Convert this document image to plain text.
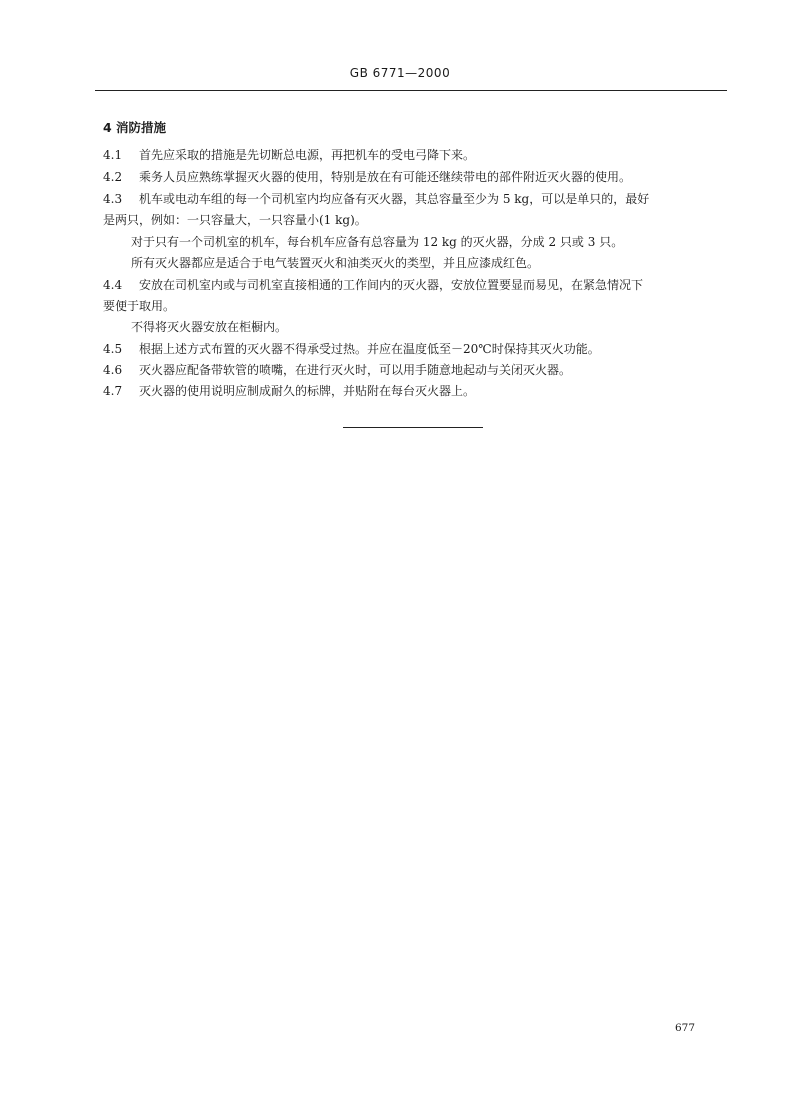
GB 6771—2000
4 消防措施
4.1 首先应采取的措施是先切断总电源，再把机车的受电弓降下来。
4.2 乘务人员应熟练掌握灭火器的使用，特别是放在有可能还继续带电的部件附近灭火器的使用。
4.3 机车或电动车组的每一个司机室内均应备有灭火器，其总容量至少为 5 kg，可以是单只的，最好
是两只，例如：一只容量大，一只容量小(1 kg)。
对于只有一个司机室的机车，每台机车应备有总容量为 12 kg 的灭火器，分成 2 只或 3 只。
所有灭火器都应是适合于电气装置灭火和油类灭火的类型，并且应漆成红色。
4.4 安放在司机室内或与司机室直接相通的工作间内的灭火器，安放位置要显而易见，在紧急情况下
要便于取用。
不得将灭火器安放在柜橱内。
4.5 根据上述方式布置的灭火器不得承受过热。并应在温度低至－20℃时保持其灭火功能。
4.6 灭火器应配备带软管的喷嘴，在进行灭火时，可以用手随意地起动与关闭灭火器。
4.7 灭火器的使用说明应制成耐久的标牌，并贴附在每台灭火器上。
677
